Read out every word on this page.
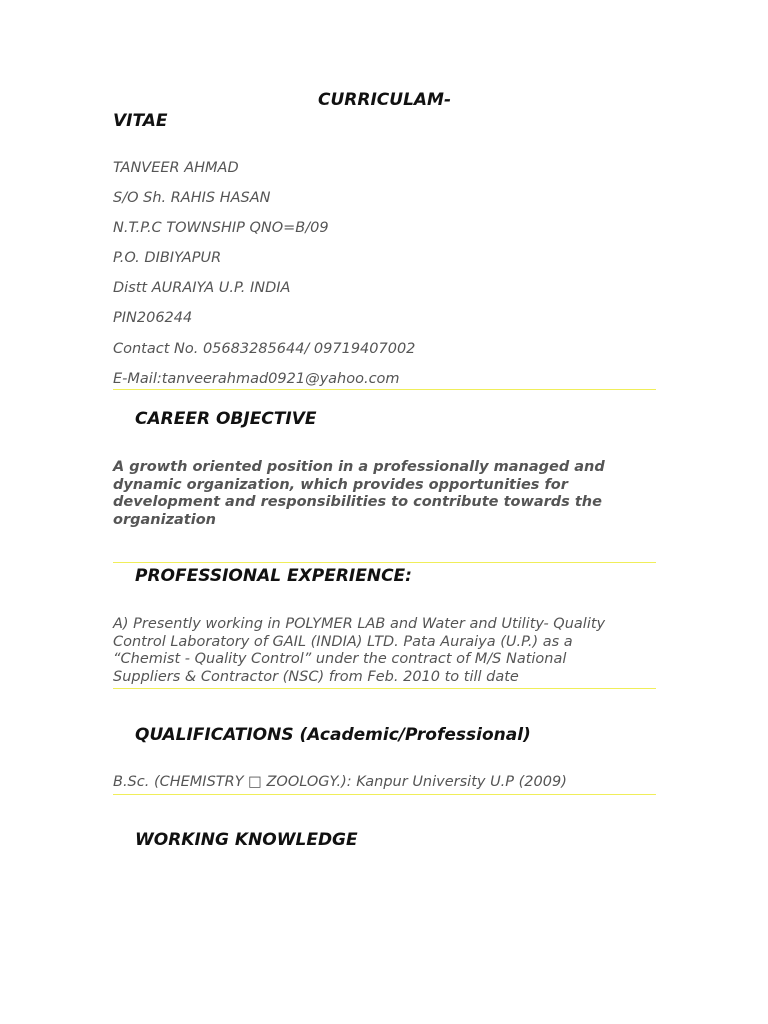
CURRICULAM-
VITAE
TANVEER AHMAD
S/O Sh. RAHIS HASAN
N.T.P.C TOWNSHIP QNO=B/09
P.O. DIBIYAPUR
Distt AURAIYA U.P. INDIA
PIN206244
Contact No. 05683285644/ 09719407002
E-Mail:tanveerahmad0921@yahoo.com
CAREER OBJECTIVE
A growth oriented position in a professionally managed and
dynamic organization, which provides opportunities for
development and responsibilities to contribute towards the
organization
PROFESSIONAL EXPERIENCE:
A) Presently working in POLYMER LAB and Water and Utility- Quality
Control Laboratory of GAIL (INDIA) LTD. Pata Auraiya (U.P.) as a
“Chemist - Quality Control” under the contract of M/S National
Suppliers & Contractor (NSC) from Feb. 2010 to till date
QUALIFICATIONS (Academic/Professional)
B.Sc. (CHEMISTRY □ ZOOLOGY.): Kanpur University U.P (2009)
WORKING KNOWLEDGE
